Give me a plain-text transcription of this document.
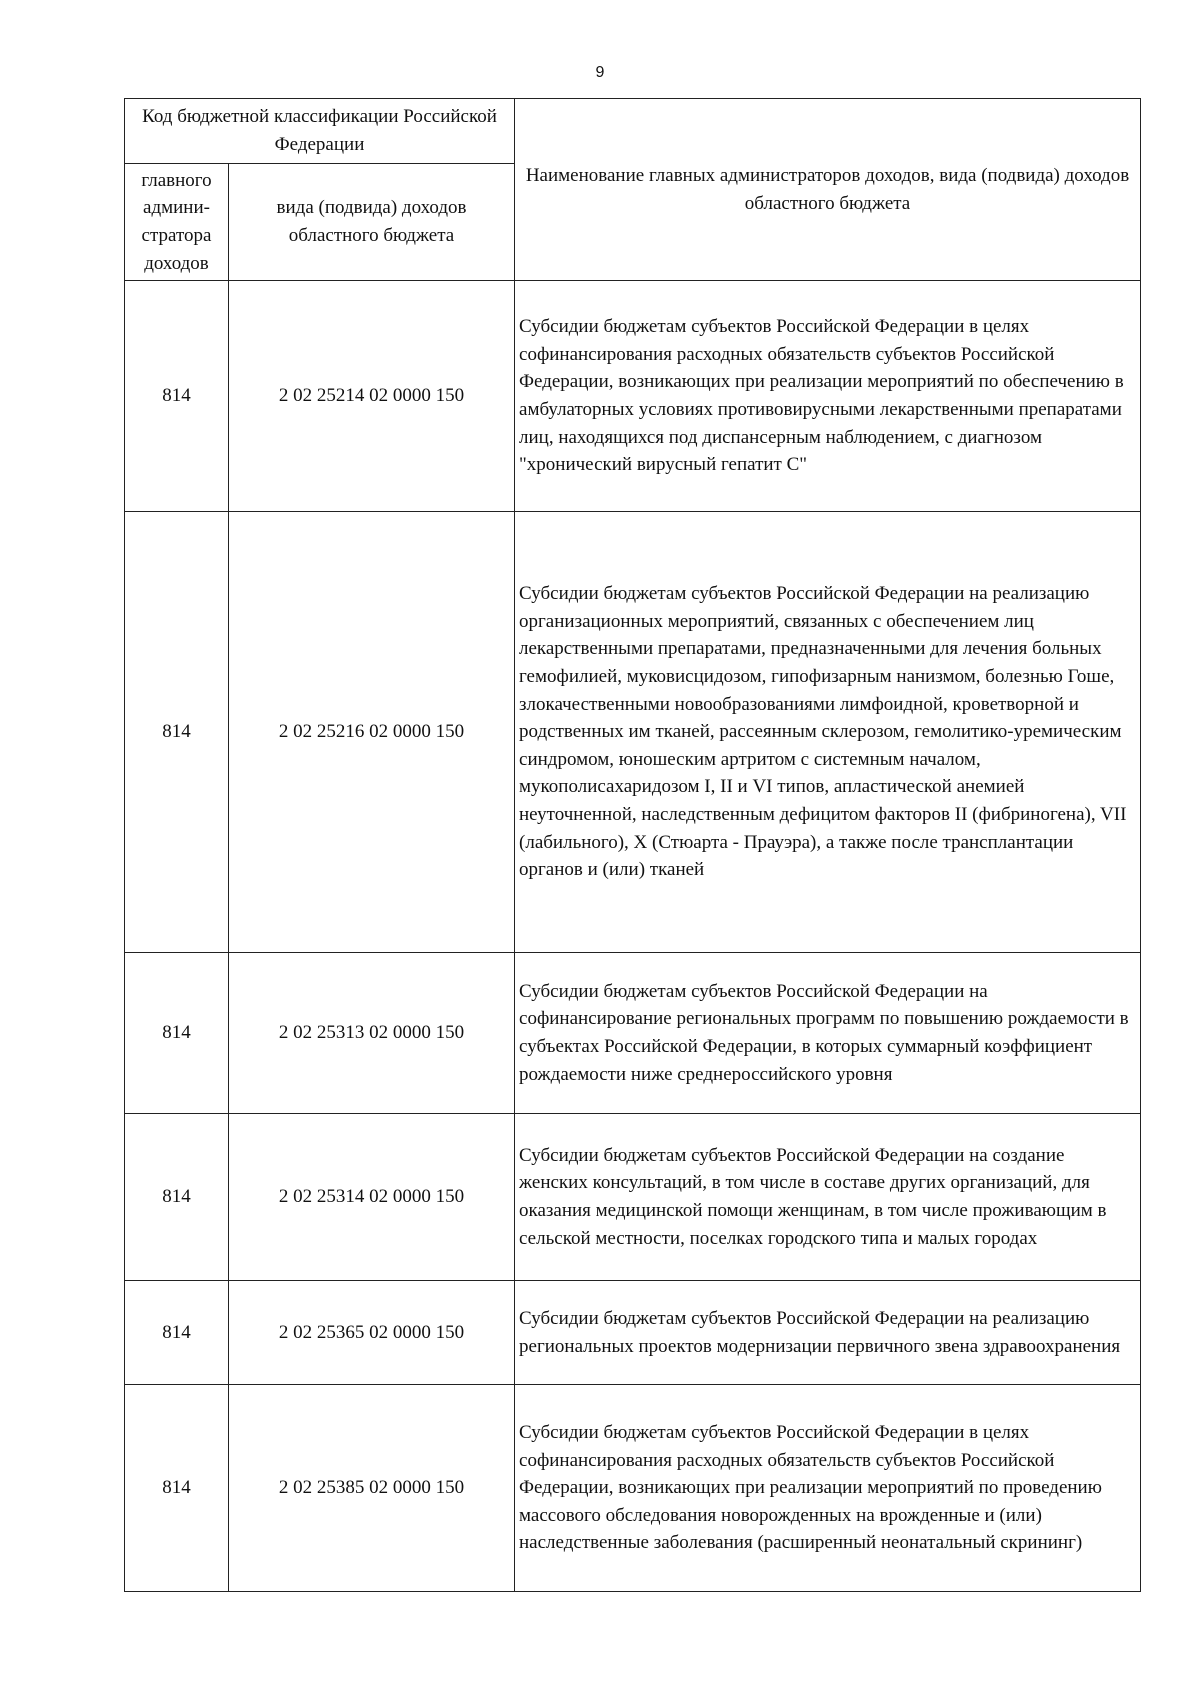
9
Код бюджетной классификации Российской Федерации		Наименование главных администраторов доходов, вида (подвида) доходов областного бюджета
главного админи-стратора доходов	вида (подвида) доходов областного бюджета	
814	2 02 25214 02 0000 150	Субсидии бюджетам субъектов Российской Федерации в целях софинансирования расходных обязательств субъектов Российской Федерации, возникающих при реализации мероприятий по обеспечению в амбулаторных условиях противовирусными лекарственными препаратами лиц, находящихся под диспансерным наблюдением, с диагнозом "хронический вирусный гепатит С"
814	2 02 25216 02 0000 150	Субсидии бюджетам субъектов Российской Федерации на реализацию организационных мероприятий, связанных с обеспечением лиц лекарственными препаратами, предназначенными для лечения больных гемофилией, муковисцидозом, гипофизарным нанизмом, болезнью Гоше, злокачественными новообразованиями лимфоидной, кроветворной и родственных им тканей, рассеянным склерозом, гемолитико-уремическим синдромом, юношеским артритом с системным началом, мукополисахаридозом I, II и VI типов, апластической анемией неуточненной, наследственным дефицитом факторов II (фибриногена), VII (лабильного), X (Стюарта - Прауэра), а также после трансплантации органов и (или) тканей
814	2 02 25313 02 0000 150	Субсидии бюджетам субъектов Российской Федерации на софинансирование региональных программ по повышению рождаемости в субъектах Российской Федерации, в которых суммарный коэффициент рождаемости ниже среднероссийского уровня
814	2 02 25314 02 0000 150	Субсидии бюджетам субъектов Российской Федерации на создание женских консультаций, в том числе в составе других организаций, для оказания медицинской помощи женщинам, в том числе проживающим в сельской местности, поселках городского типа и малых городах
814	2 02 25365 02 0000 150	Субсидии бюджетам субъектов Российской Федерации на реализацию региональных проектов модернизации первичного звена здравоохранения
814	2 02 25385 02 0000 150	Субсидии бюджетам субъектов Российской Федерации в целях софинансирования расходных обязательств субъектов Российской Федерации, возникающих при реализации мероприятий по проведению массового обследования новорожденных на врожденные и (или) наследственные заболевания (расширенный неонатальный скрининг)
